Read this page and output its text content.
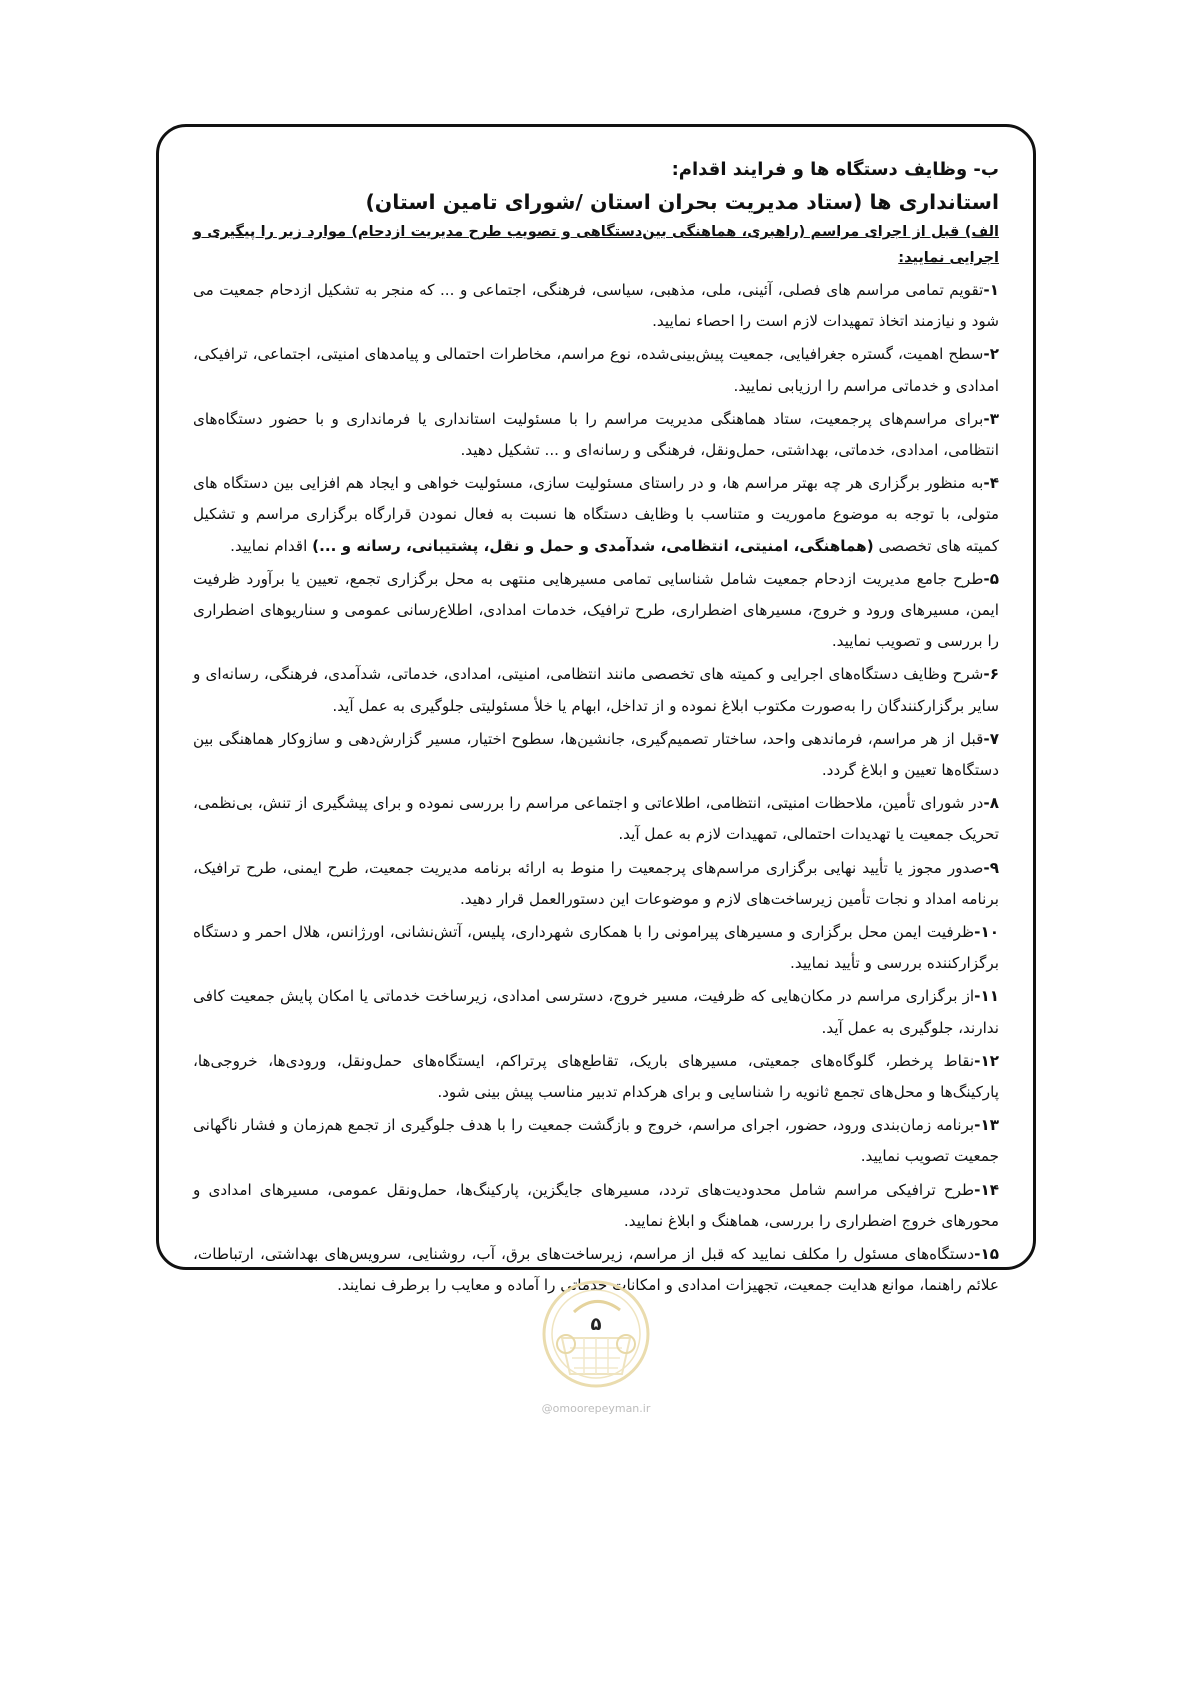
ب- وظایف دستگاه ها و فرایند اقدام:

استانداری ها (ستاد مدیریت بحران استان /شورای تامین استان)

الف) قبل از اجرای مراسم (راهبری، هماهنگی بین‌دستگاهی و تصویب طرح مدیریت ازدحام) موارد زیر را پیگیری و اجرایی نمایید:

۱-تقویم تمامی مراسم های فصلی، آئینی، ملی، مذهبی، سیاسی، فرهنگی، اجتماعی و ... که منجر به تشکیل ازدحام جمعیت می شود و نیازمند اتخاذ تمهیدات لازم است را احصاء نمایید.

۲-سطح اهمیت، گستره جغرافیایی، جمعیت پیش‌بینی‌شده، نوع مراسم، مخاطرات احتمالی و پیامدهای امنیتی، اجتماعی، ترافیکی، امدادی و خدماتی مراسم را ارزیابی نمایید.

۳-برای مراسم‌های پرجمعیت، ستاد هماهنگی مدیریت مراسم را با مسئولیت استانداری یا فرمانداری و با حضور دستگاه‌های انتظامی، امدادی، خدماتی، بهداشتی، حمل‌ونقل، فرهنگی و رسانه‌ای و ... تشکیل دهید.

۴-به منظور برگزاری هر چه بهتر مراسم ها، و در راستای مسئولیت سازی، مسئولیت خواهی و ایجاد هم افزایی بین دستگاه های متولی، با توجه به موضوع ماموریت و متناسب با وظایف دستگاه ها نسبت به فعال نمودن قرارگاه برگزاری مراسم و تشکیل کمیته های تخصصی (هماهنگی، امنیتی، انتظامی، شدآمدی و حمل و نقل، پشتیبانی، رسانه و ...) اقدام نمایید.

۵-طرح جامع مدیریت ازدحام جمعیت شامل شناسایی تمامی مسیرهایی منتهی به محل برگزاری تجمع، تعیین یا برآورد ظرفیت ایمن، مسیرهای ورود و خروج، مسیرهای اضطراری، طرح ترافیک، خدمات امدادی، اطلاع‌رسانی عمومی و سناریوهای اضطراری را بررسی و تصویب نمایید.

۶-شرح وظایف دستگاه‌های اجرایی و کمیته های تخصصی مانند انتظامی، امنیتی، امدادی، خدماتی، شدآمدی، فرهنگی، رسانه‌ای و سایر برگزارکنندگان را به‌صورت مکتوب ابلاغ نموده و از تداخل، ابهام یا خلأ مسئولیتی جلوگیری به عمل آید.

۷-قبل از هر مراسم، فرماندهی واحد، ساختار تصمیم‌گیری، جانشین‌ها، سطوح اختیار، مسیر گزارش‌دهی و سازوکار هماهنگی بین دستگاه‌ها تعیین و ابلاغ گردد.

۸-در شورای تأمین، ملاحظات امنیتی، انتظامی، اطلاعاتی و اجتماعی مراسم را بررسی نموده و برای پیشگیری از تنش، بی‌نظمی، تحریک جمعیت یا تهدیدات احتمالی، تمهیدات لازم به عمل آید.

۹-صدور مجوز یا تأیید نهایی برگزاری مراسم‌های پرجمعیت را منوط به ارائه برنامه مدیریت جمعیت، طرح ایمنی، طرح ترافیک، برنامه امداد و نجات تأمین زیرساخت‌های لازم و موضوعات این دستورالعمل قرار دهید.

۱۰-ظرفیت ایمن محل برگزاری و مسیرهای پیرامونی را با همکاری شهرداری، پلیس، آتش‌نشانی، اورژانس، هلال احمر و دستگاه برگزارکننده بررسی و تأیید نمایید.

۱۱-از برگزاری مراسم در مکان‌هایی که ظرفیت، مسیر خروج، دسترسی امدادی، زیرساخت خدماتی یا امکان پایش جمعیت کافی ندارند، جلوگیری به عمل آید.

۱۲-نقاط پرخطر، گلوگاه‌های جمعیتی، مسیرهای باریک، تقاطع‌های پرتراکم، ایستگاه‌های حمل‌ونقل، ورودی‌ها، خروجی‌ها، پارکینگ‌ها و محل‌های تجمع ثانویه را شناسایی و برای هرکدام تدبیر مناسب پیش بینی شود.

۱۳-برنامه زمان‌بندی ورود، حضور، اجرای مراسم، خروج و بازگشت جمعیت را با هدف جلوگیری از تجمع هم‌زمان و فشار ناگهانی جمعیت تصویب نمایید.

۱۴-طرح ترافیکی مراسم شامل محدودیت‌های تردد، مسیرهای جایگزین، پارکینگ‌ها، حمل‌ونقل عمومی، مسیرهای امدادی و محورهای خروج اضطراری را بررسی، هماهنگ و ابلاغ نمایید.

۱۵-دستگاه‌های مسئول را مکلف نمایید که قبل از مراسم، زیرساخت‌های برق، آب، روشنایی، سرویس‌های بهداشتی، ارتباطات، علائم راهنما، موانع هدایت جمعیت، تجهیزات امدادی و امکانات خدماتی را آماده و معایب را برطرف نمایند.

۵
@omoorepeyman.ir
